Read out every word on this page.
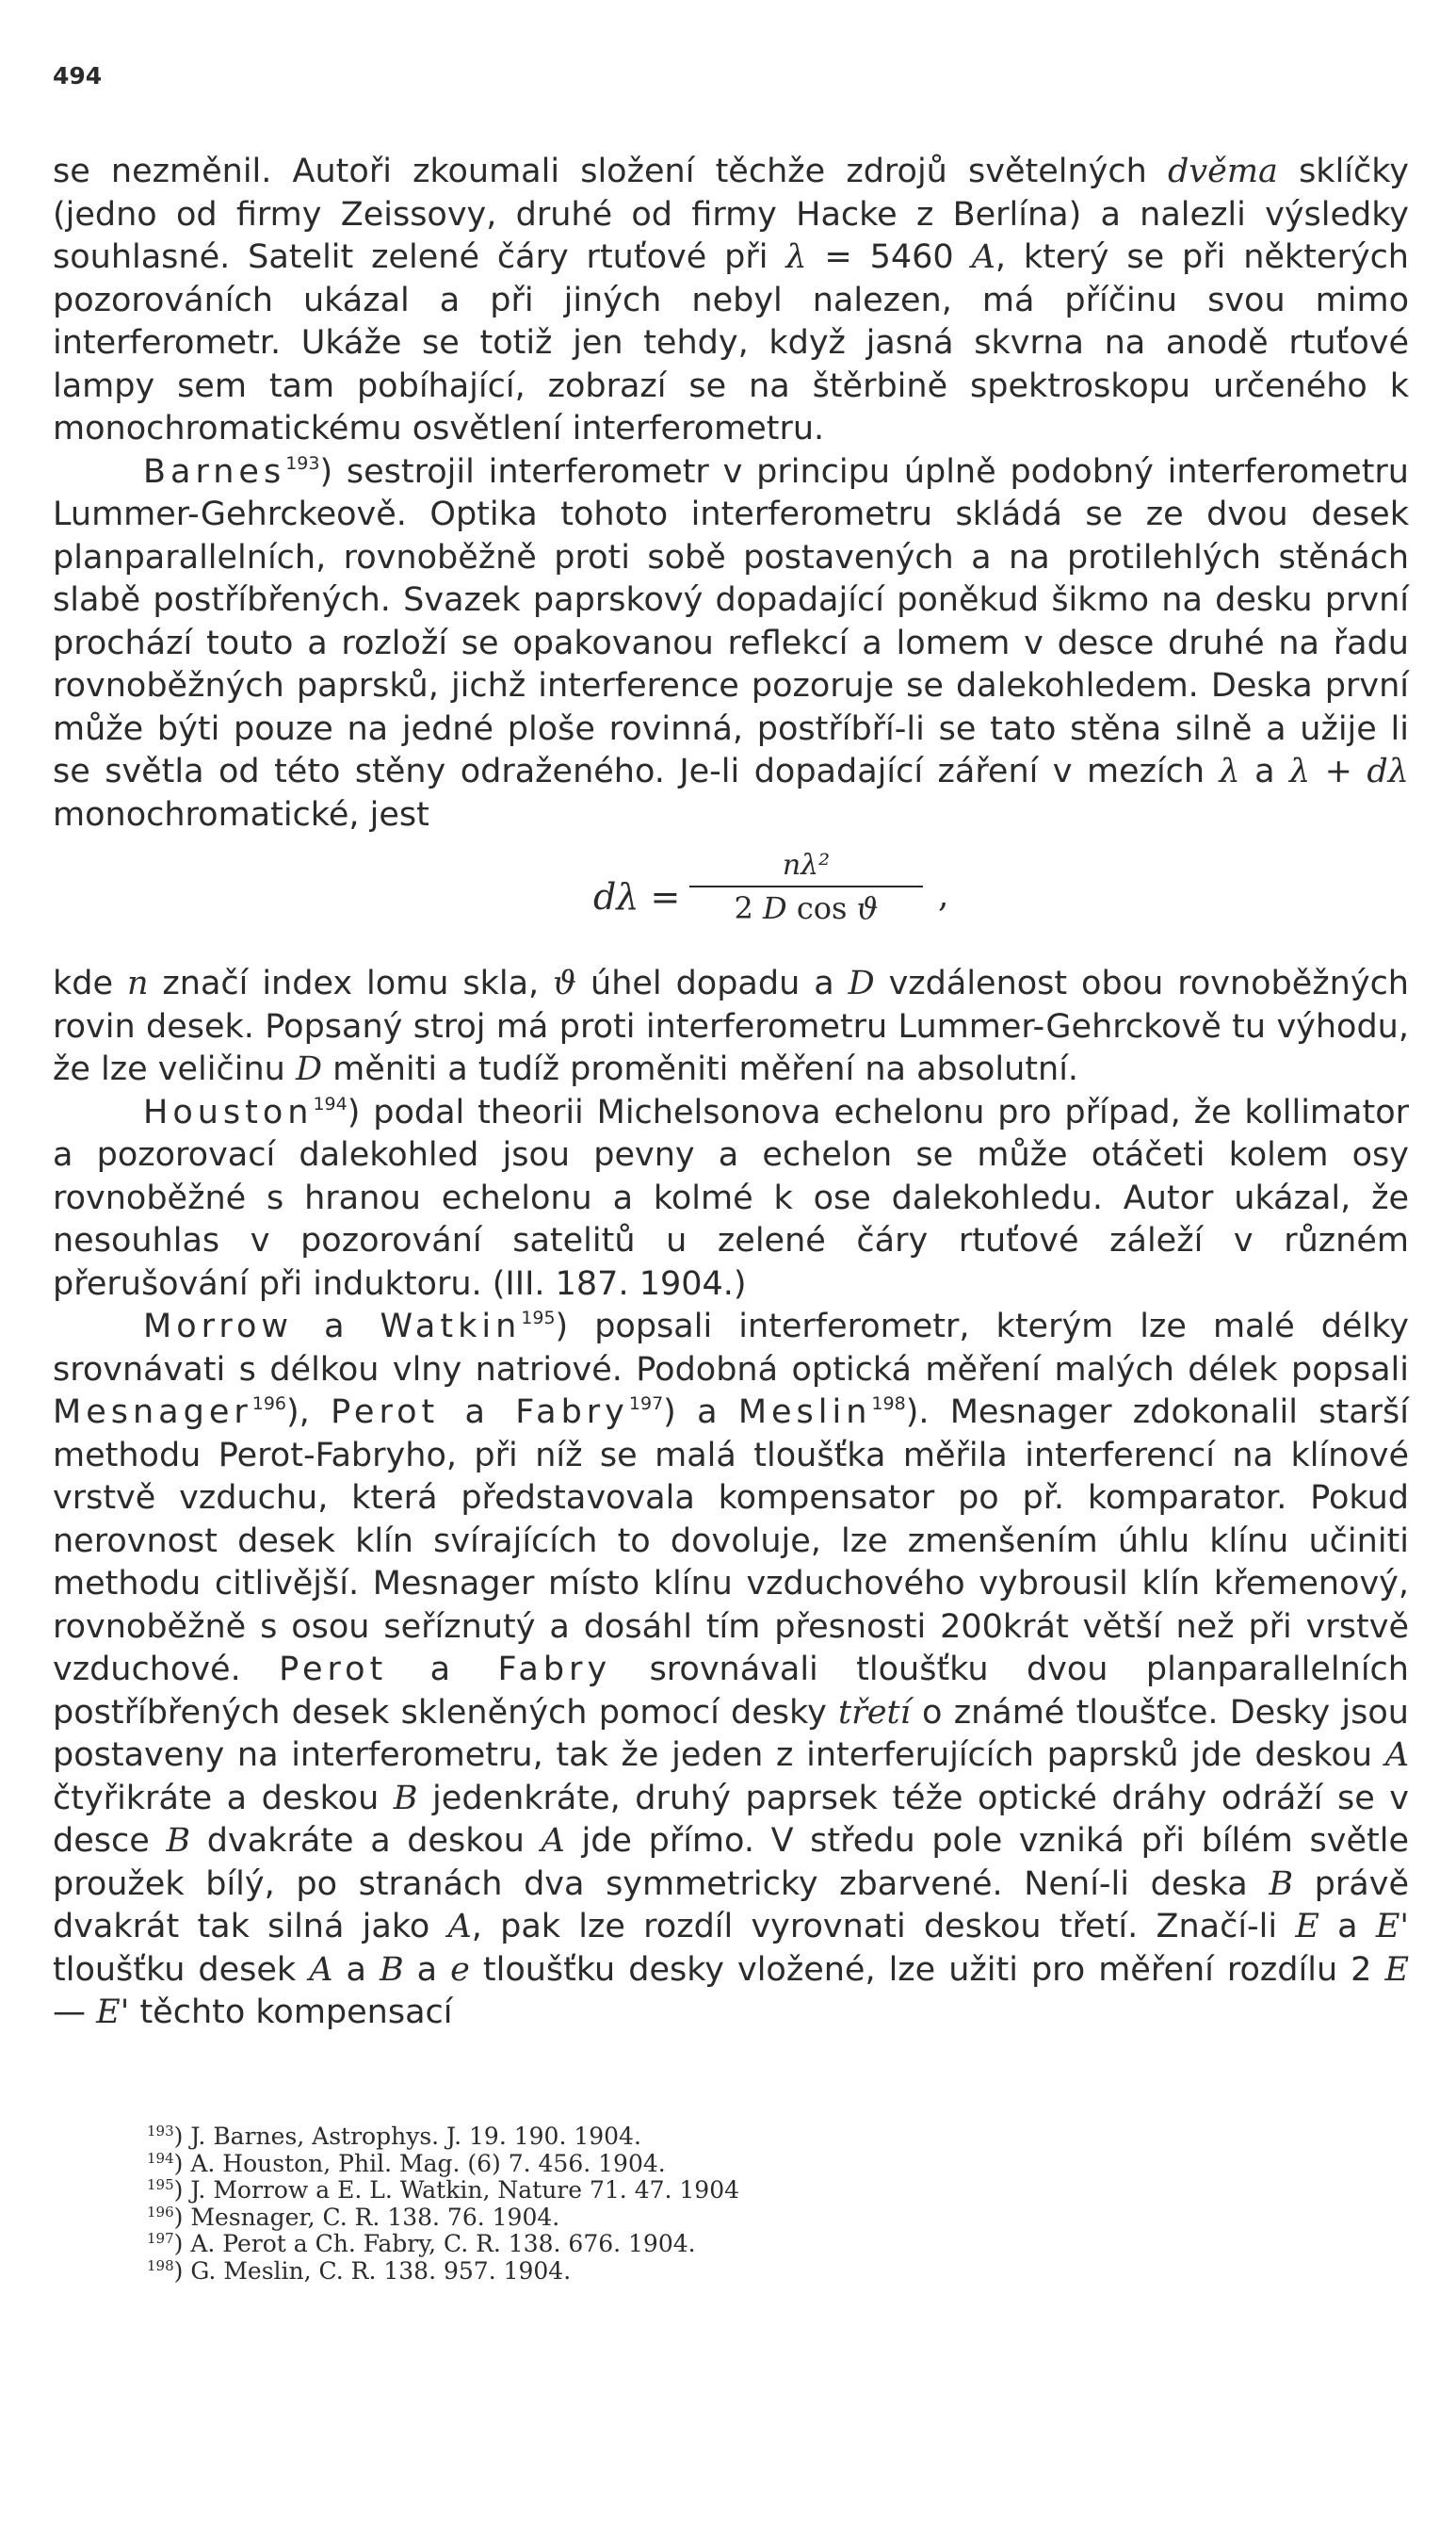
494

se nezměnil. Autoři zkoumali složení těchže zdrojů světelných dvěma sklíčky (jedno od firmy Zeissovy, druhé od firmy Hacke z Berlína) a nalezli výsledky souhlasné. Satelit zelené čáry rtuťové při λ = 5460 A, který se při některých pozorováních ukázal a při jiných nebyl nalezen, má příčinu svou mimo interferometr. Ukáže se totiž jen tehdy, když jasná skvrna na anodě rtuťové lampy sem tam pobíhající, zobrazí se na štěrbině spektroskopu určeného k monochromatickému osvětlení interferometru.

Barnes$^{193}$) sestrojil interferometr v principu úplně podobný interferometru Lummer-Gehrckeově. Optika tohoto interferometru skládá se ze dvou desek planparallelních, rovnoběžně proti sobě postavených a na protilehlých stěnách slabě postříbřených. Svazek paprskový dopadající poněkud šikmo na desku první prochází touto a rozloží se opakovanou reflekcí a lomem v desce druhé na řadu rovnoběžných paprsků, jichž interference pozoruje se dalekohledem. Deska první může býti pouze na jedné ploše rovinná, postříbří-li se tato stěna silně a užije li se světla od této stěny odraženého. Je-li dopadající záření v mezích λ a λ + dλ monochromatické, jest

dλ =
nλ²
2 D cos ϑ	,

kde n značí index lomu skla, ϑ úhel dopadu a D vzdálenost obou rovnoběžných rovin desek. Popsaný stroj má proti interferometru Lummer-Gehrckově tu výhodu, že lze veličinu D měniti a tudíž proměniti měření na absolutní.

Houston$^{194}$) podal theorii Michelsonova echelonu pro případ, že kollimator a pozorovací dalekohled jsou pevny a echelon se může otáčeti kolem osy rovnoběžné s hranou echelonu a kolmé k ose dalekohledu. Autor ukázal, že nesouhlas v pozorování satelitů u zelené čáry rtuťové záleží v různém přerušování při induktoru. (III. 187. 1904.)

Morrow a Watkin$^{195}$) popsali interferometr, kterým lze malé délky srovnávati s délkou vlny natriové. Podobná optická měření malých délek popsali Mesnager$^{196}$), Perot a Fabry$^{197}$) a Meslin$^{198}$). Mesnager zdokonalil starší methodu Perot-Fabryho, při níž se malá tloušťka měřila interferencí na klínové vrstvě vzduchu, která představovala kompensator po př. komparator. Pokud nerovnost desek klín svírajících to dovoluje, lze zmenšením úhlu klínu učiniti methodu citlivější. Mesnager místo klínu vzduchového vybrousil klín křemenový, rovnoběžně s osou seříznutý a dosáhl tím přesnosti 200krát větší než při vrstvě vzduchové. Perot a Fabry srovnávali tloušťku dvou planparallelních postříbřených desek skleněných pomocí desky třetí o známé tloušťce. Desky jsou postaveny na interferometru, tak že jeden z interferujících paprsků jde deskou A čtyřikráte a deskou B jedenkráte, druhý paprsek téže optické dráhy odráží se v desce B dvakráte a deskou A jde přímo. V středu pole vzniká při bílém světle proužek bílý, po stranách dva symmetricky zbarvené. Není-li deska B právě dvakrát tak silná jako A, pak lze rozdíl vyrovnati deskou třetí. Značí-li E a E' tloušťku desek A a B a e tloušťku desky vložené, lze užiti pro měření rozdílu 2 E — E' těchto kompensací

$^{193}$) J. Barnes, Astrophys. J. 19. 190. 1904.
$^{194}$) A. Houston, Phil. Mag. (6) 7. 456. 1904.
$^{195}$) J. Morrow a E. L. Watkin, Nature 71. 47. 1904
$^{196}$) Mesnager, C. R. 138. 76. 1904.
$^{197}$) A. Perot a Ch. Fabry, C. R. 138. 676. 1904.
$^{198}$) G. Meslin, C. R. 138. 957. 1904.
